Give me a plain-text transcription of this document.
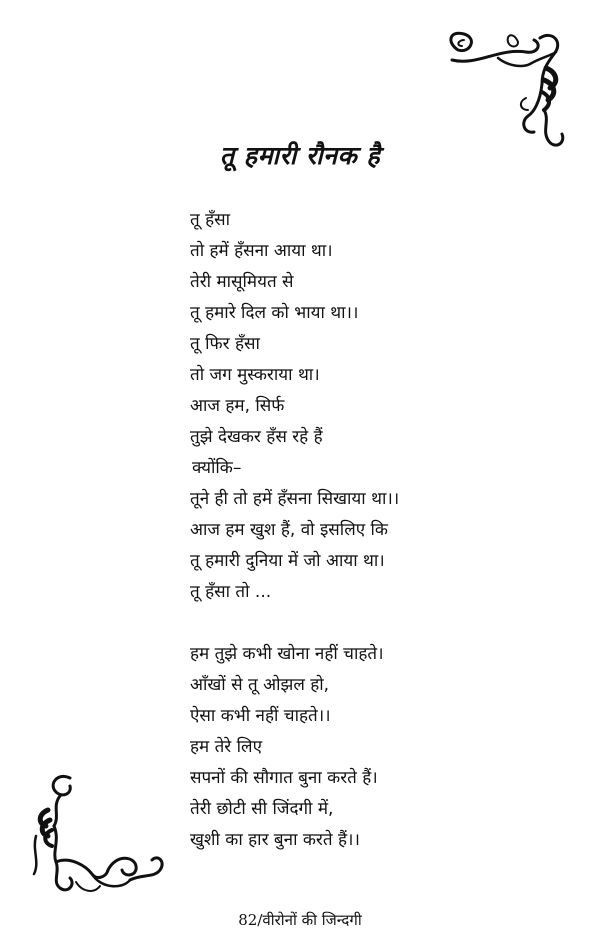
तू हमारी रौनक है
तू हँसा
तो हमें हँसना आया था।
तेरी मासूमियत से
तू हमारे दिल को भाया था।।
तू फिर हँसा
तो जग मुस्कराया था।
आज हम, सिर्फ
तुझे देखकर हँस रहे हैं
क्योंकि–
तूने ही तो हमें हँसना सिखाया था।।
आज हम खुश हैं, वो इसलिए कि
तू हमारी दुनिया में जो आया था।
तू हँसा तो ...
हम तुझे कभी खोना नहीं चाहते।
आँखों से तू ओझल हो,
ऐसा कभी नहीं चाहते।।
हम तेरे लिए
सपनों की सौगात बुना करते हैं।
तेरी छोटी सी जिंदगी में,
खुशी का हार बुना करते हैं।।
82/वीरोनों की जिन्दगी
